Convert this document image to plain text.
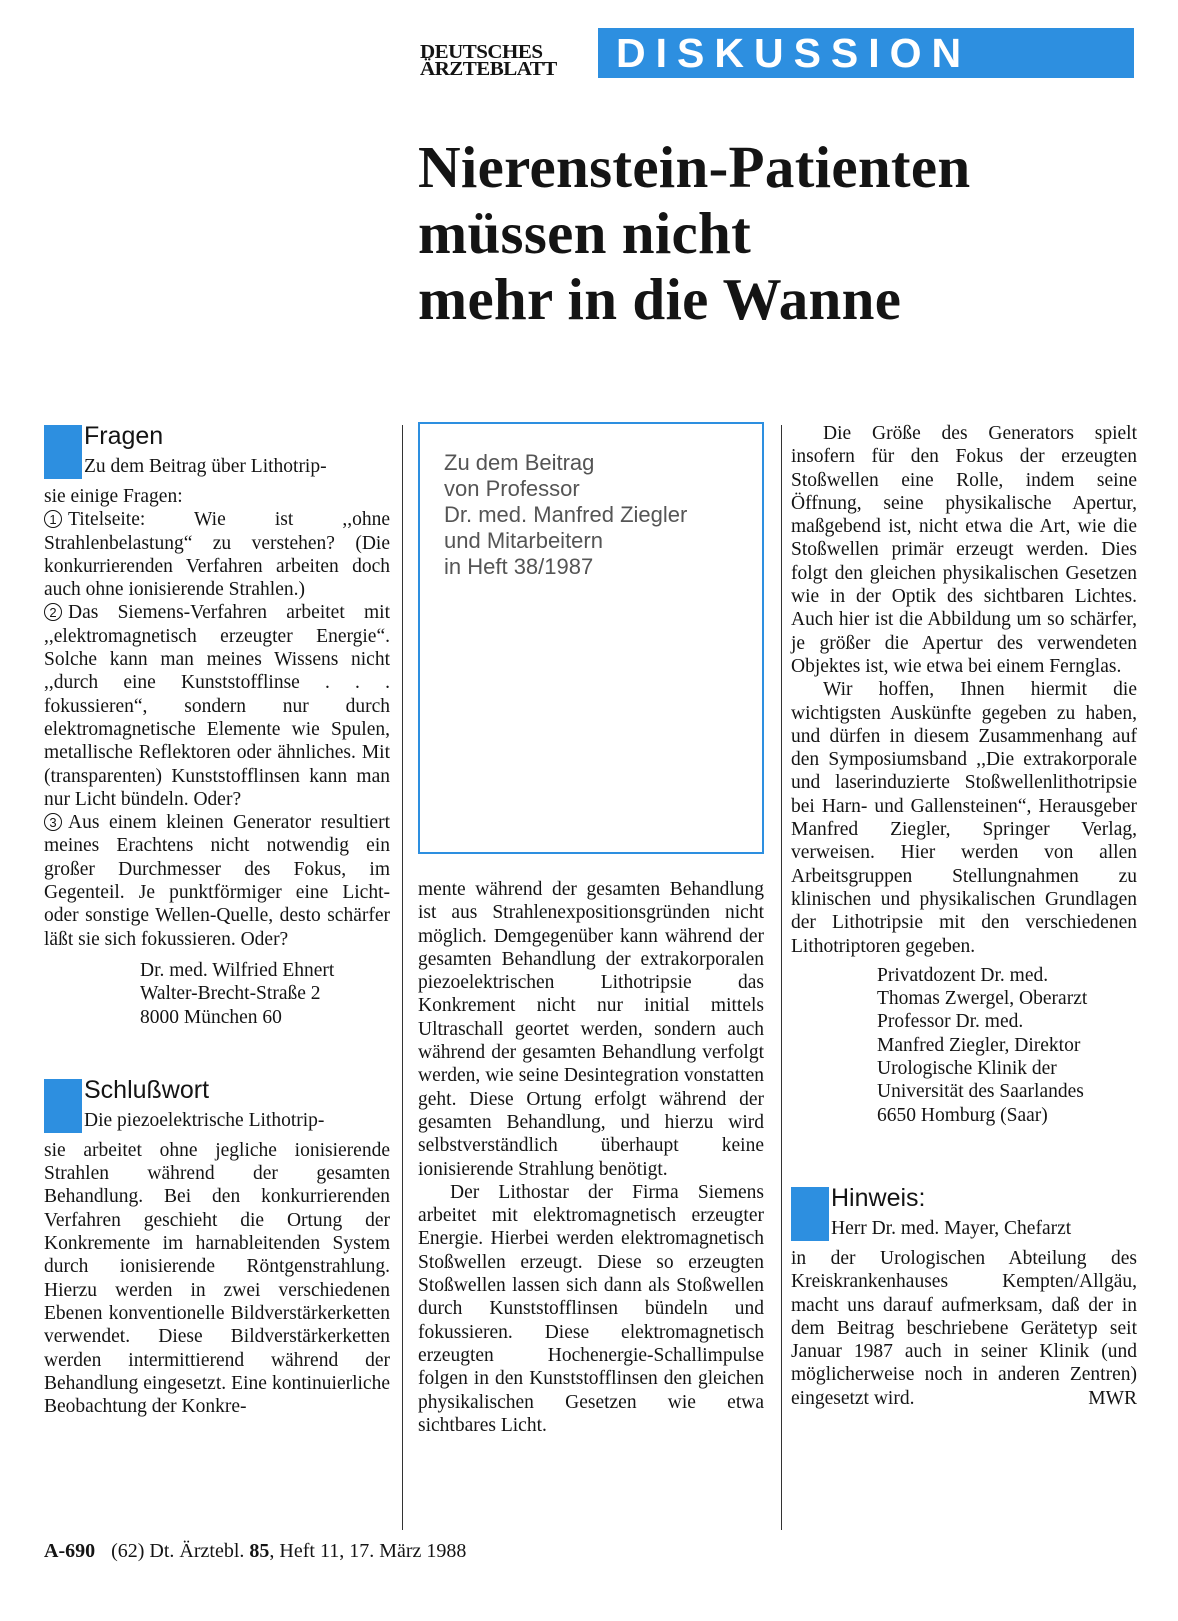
DEUTSCHES
ÄRZTEBLATT	DISKUSSION
Nierenstein-Patienten
müssen nicht
mehr in die Wanne
Fragen
Zu dem Beitrag über Lithotrip-

sie einige Fragen:

1 Titelseite: Wie ist ,,ohne Strahlenbelastung“ zu verstehen? (Die konkurrierenden Verfahren arbeiten doch auch ohne ionisierende Strahlen.)

2 Das Siemens-Verfahren arbeitet mit ,,elektromagnetisch erzeugter Energie“. Solche kann man meines Wissens nicht ,,durch eine Kunststofflinse . . . fokussieren“, sondern nur durch elektromagnetische Elemente wie Spulen, metallische Reflektoren oder ähnliches. Mit (transparenten) Kunststofflinsen kann man nur Licht bündeln. Oder?

3 Aus einem kleinen Generator resultiert meines Erachtens nicht notwendig ein großer Durchmesser des Fokus, im Gegenteil. Je punktförmiger eine Licht- oder sonstige Wellen-Quelle, desto schärfer läßt sie sich fokussieren. Oder?

Dr. med. Wilfried Ehnert
Walter-Brecht-Straße 2
8000 München 60
Schlußwort
Die piezoelektrische Lithotrip-

sie arbeitet ohne jegliche ionisierende Strahlen während der gesamten Behandlung. Bei den konkurrierenden Verfahren geschieht die Ortung der Konkremente im harnableitenden System durch ionisierende Röntgenstrahlung. Hierzu werden in zwei verschiedenen Ebenen konventionelle Bildverstärkerketten verwendet. Diese Bildverstärkerketten werden intermittierend während der Behandlung eingesetzt. Eine kontinuierliche Beobachtung der Konkre-

Zu dem Beitrag
von Professor
Dr. med. Manfred Ziegler
und Mitarbeitern
in Heft 38/1987

mente während der gesamten Behandlung ist aus Strahlenexpositionsgründen nicht möglich. Demgegenüber kann während der gesamten Behandlung der extrakorporalen piezoelektrischen Lithotripsie das Konkrement nicht nur initial mittels Ultraschall geortet werden, sondern auch während der gesamten Behandlung verfolgt werden, wie seine Desintegration vonstatten geht. Diese Ortung erfolgt während der gesamten Behandlung, und hierzu wird selbstverständlich überhaupt keine ionisierende Strahlung benötigt.

Der Lithostar der Firma Siemens arbeitet mit elektromagnetisch erzeugter Energie. Hierbei werden elektromagnetisch Stoßwellen erzeugt. Diese so erzeugten Stoßwellen lassen sich dann als Stoßwellen durch Kunststofflinsen bündeln und fokussieren. Diese elektromagnetisch erzeugten Hochenergie-Schallimpulse folgen in den Kunststofflinsen den gleichen physikalischen Gesetzen wie etwa sichtbares Licht.

Die Größe des Generators spielt insofern für den Fokus der erzeugten Stoßwellen eine Rolle, indem seine Öffnung, seine physikalische Apertur, maßgebend ist, nicht etwa die Art, wie die Stoßwellen primär erzeugt werden. Dies folgt den gleichen physikalischen Gesetzen wie in der Optik des sichtbaren Lichtes. Auch hier ist die Abbildung um so schärfer, je größer die Apertur des verwendeten Objektes ist, wie etwa bei einem Fernglas.

Wir hoffen, Ihnen hiermit die wichtigsten Auskünfte gegeben zu haben, und dürfen in diesem Zusammenhang auf den Symposiumsband ,,Die extrakorporale und laserinduzierte Stoßwellenlithotripsie bei Harn- und Gallensteinen“, Herausgeber Manfred Ziegler, Springer Verlag, verweisen. Hier werden von allen Arbeitsgruppen Stellungnahmen zu klinischen und physikalischen Grundlagen der Lithotripsie mit den verschiedenen Lithotriptoren gegeben.

Privatdozent Dr. med.
Thomas Zwergel, Oberarzt
Professor Dr. med.
Manfred Ziegler, Direktor
Urologische Klinik der
Universität des Saarlandes
6650 Homburg (Saar)
Hinweis:
Herr Dr. med. Mayer, Chefarzt

in der Urologischen Abteilung des Kreiskrankenhauses Kempten/Allgäu, macht uns darauf aufmerksam, daß der in dem Beitrag beschriebene Gerätetyp seit Januar 1987 auch in seiner Klinik (und möglicherweise noch in anderen Zentren) eingesetzt wird.	MWR
A-690 (62) Dt. Ärztebl. 85, Heft 11, 17. März 1988
